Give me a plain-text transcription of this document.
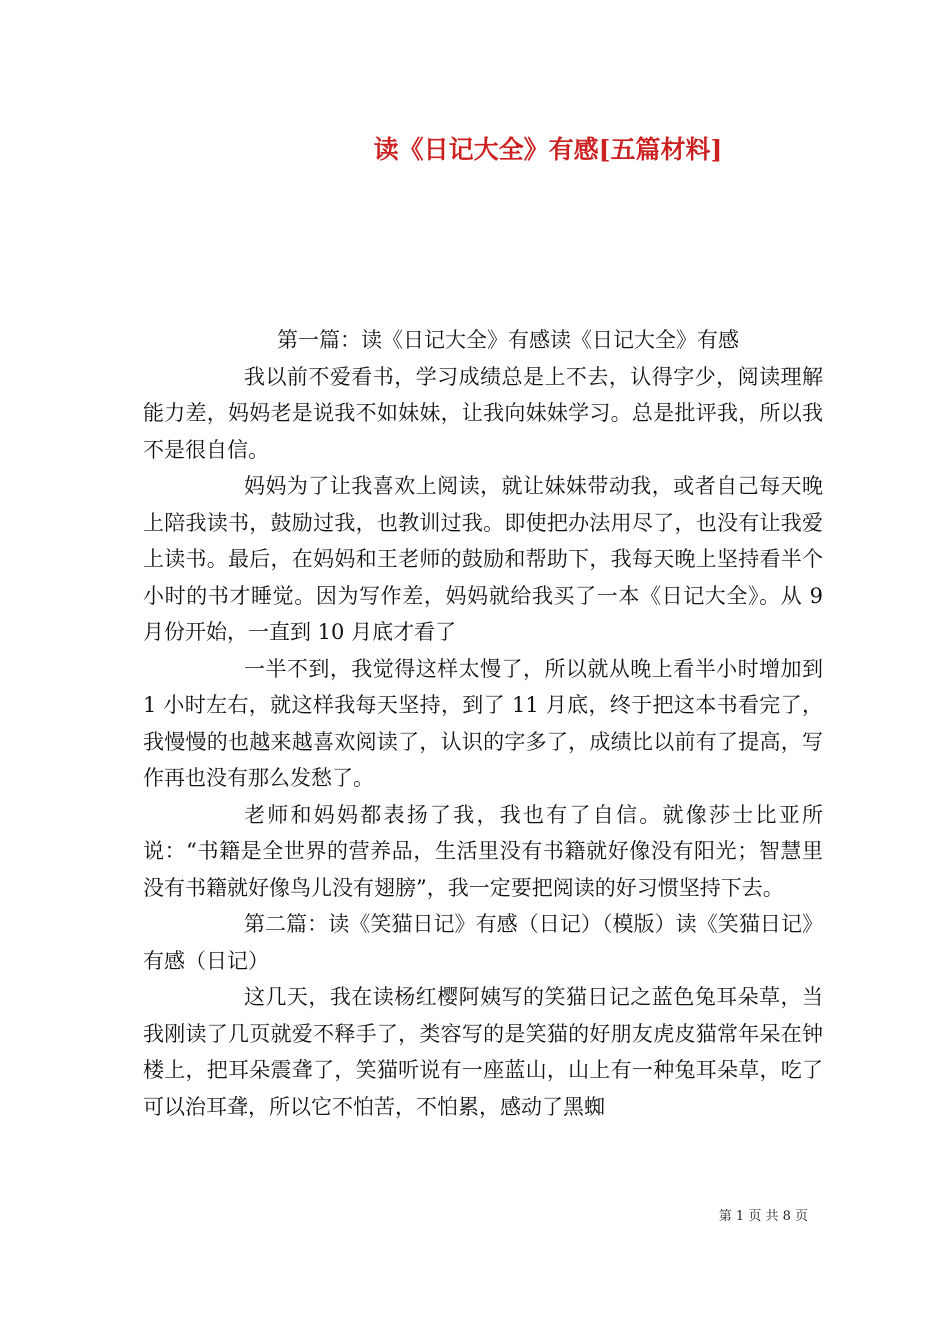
读《日记大全》有感[五篇材料]

第一篇：读《日记大全》有感读《日记大全》有感

我以前不爱看书，学习成绩总是上不去，认得字少，阅读理解能力差，妈妈老是说我不如妹妹，让我向妹妹学习。总是批评我，所以我不是很自信。

妈妈为了让我喜欢上阅读，就让妹妹带动我，或者自己每天晚上陪我读书，鼓励过我，也教训过我。即使把办法用尽了，也没有让我爱上读书。最后，在妈妈和王老师的鼓励和帮助下，我每天晚上坚持看半个小时的书才睡觉。因为写作差，妈妈就给我买了一本《日记大全》。从 9 月份开始，一直到 10 月底才看了

一半不到，我觉得这样太慢了，所以就从晚上看半小时增加到 1 小时左右，就这样我每天坚持，到了 11 月底，终于把这本书看完了，我慢慢的也越来越喜欢阅读了，认识的字多了，成绩比以前有了提高，写作再也没有那么发愁了。

老师和妈妈都表扬了我，我也有了自信。就像莎士比亚所说：“书籍是全世界的营养品，生活里没有书籍就好像没有阳光；智慧里没有书籍就好像鸟儿没有翅膀”，我一定要把阅读的好习惯坚持下去。

第二篇：读《笑猫日记》有感（日记）（模版）读《笑猫日记》有感（日记）

这几天，我在读杨红樱阿姨写的笑猫日记之蓝色兔耳朵草，当我刚读了几页就爱不释手了，类容写的是笑猫的好朋友虎皮猫常年呆在钟楼上，把耳朵震聋了，笑猫听说有一座蓝山，山上有一种兔耳朵草，吃了可以治耳聋，所以它不怕苦，不怕累，感动了黑蜘

第 1 页 共 8 页
